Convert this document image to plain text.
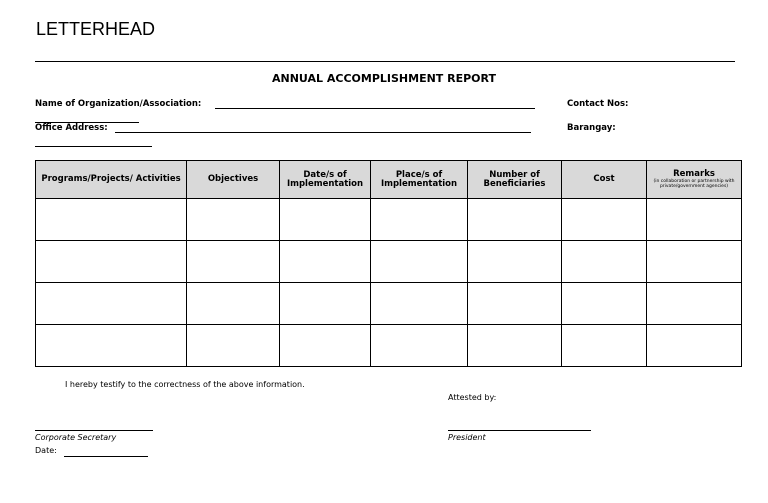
LETTERHEAD
ANNUAL ACCOMPLISHMENT REPORT
Name of Organization/Association:	Contact Nos:
Office Address:	Barangay:
Programs/Projects/ Activities	Objectives	Date/s of Implementation	Place/s of Implementation	Number of Beneficiaries	Cost	Remarks
(in collaboration or partnership with private/government agencies)

I hereby testify to the correctness of the above information.
Attested by:
Corporate Secretary
Date:
President
